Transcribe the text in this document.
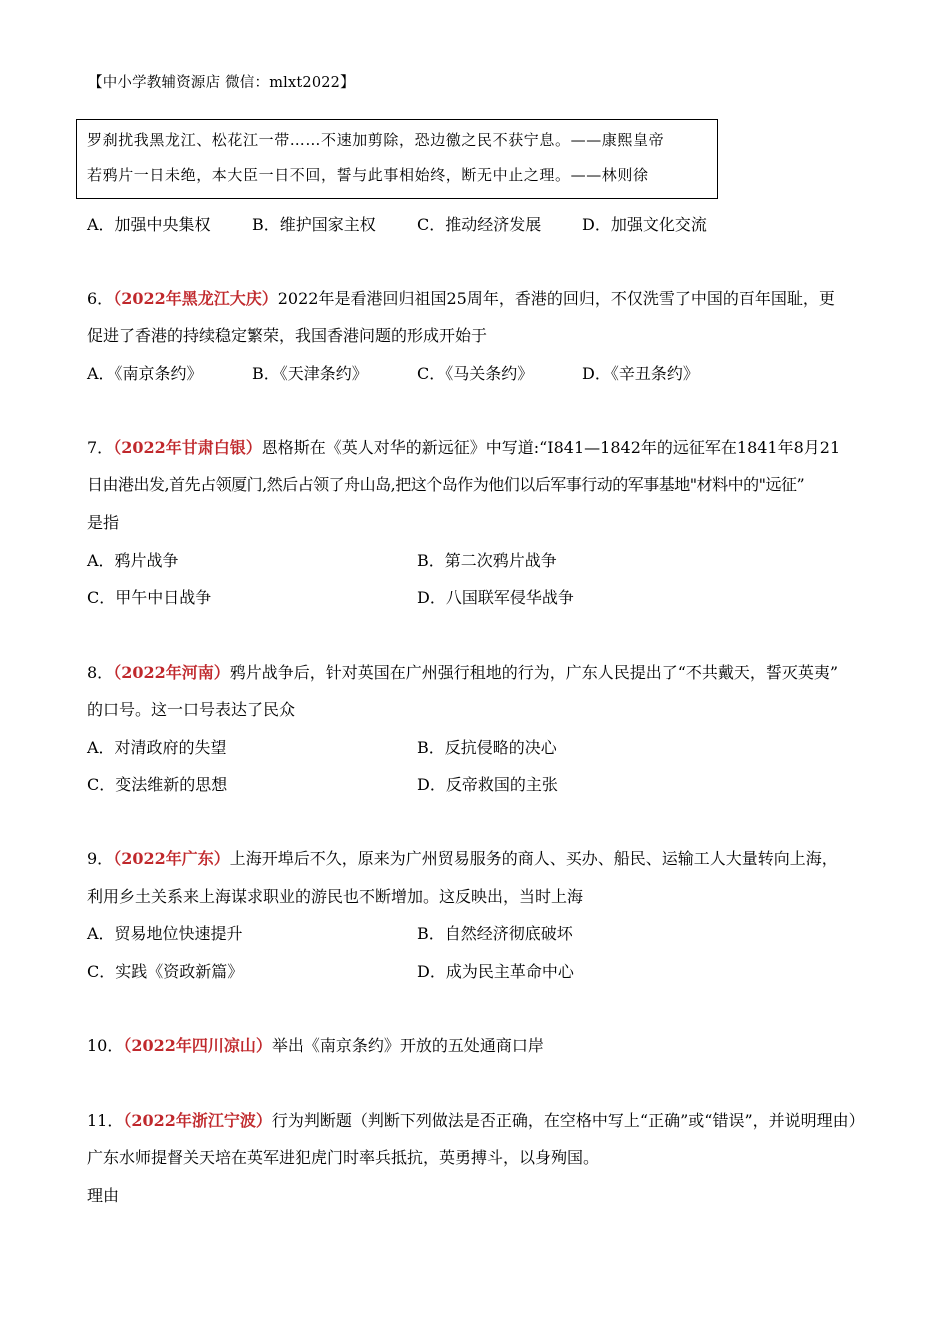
【中小学教辅资源店 微信：mlxt2022】
罗刹扰我黑龙江、松花江一带……不速加剪除，恐边徼之民不获宁息。——康熙皇帝
若鸦片一日未绝，本大臣一日不回，誓与此事相始终，断无中止之理。——林则徐
A．加强中央集权	B．维护国家主权	C．推动经济发展	D．加强文化交流
6．（2022年黑龙江大庆）2022年是看港回归祖国25周年，香港的回归，不仅洗雪了中国的百年国耻，更
促进了香港的持续稳定繁荣，我国香港问题的形成开始于
A．《南京条约》	B．《天津条约》	C．《马关条约》	D．《辛丑条约》
7．（2022年甘肃白银）恩格斯在《英人对华的新远征》中写道:“I841—1842年的远征军在1841年8月21
日由港出发,首先占领厦门,然后占领了舟山岛,把这个岛作为他们以后军事行动的军事基地"材料中的"远征”
是指
A．鸦片战争	B．第二次鸦片战争
C．甲午中日战争	D．八国联军侵华战争
8．（2022年河南）鸦片战争后，针对英国在广州强行租地的行为，广东人民提出了“不共戴天，誓灭英夷”
的口号。这一口号表达了民众
A．对清政府的失望	B．反抗侵略的决心
C．变法维新的思想	D．反帝救国的主张
9．（2022年广东）上海开埠后不久，原来为广州贸易服务的商人、买办、船民、运输工人大量转向上海，
利用乡土关系来上海谋求职业的游民也不断增加。这反映出，当时上海
A．贸易地位快速提升	B．自然经济彻底破坏
C．实践《资政新篇》	D．成为民主革命中心
10．（2022年四川凉山）举出《南京条约》开放的五处通商口岸
11．（2022年浙江宁波）行为判断题（判断下列做法是否正确，在空格中写上“正确”或“错误”，并说明理由）
广东水师提督关天培在英军进犯虎门时率兵抵抗，英勇搏斗，以身殉国。
理由
